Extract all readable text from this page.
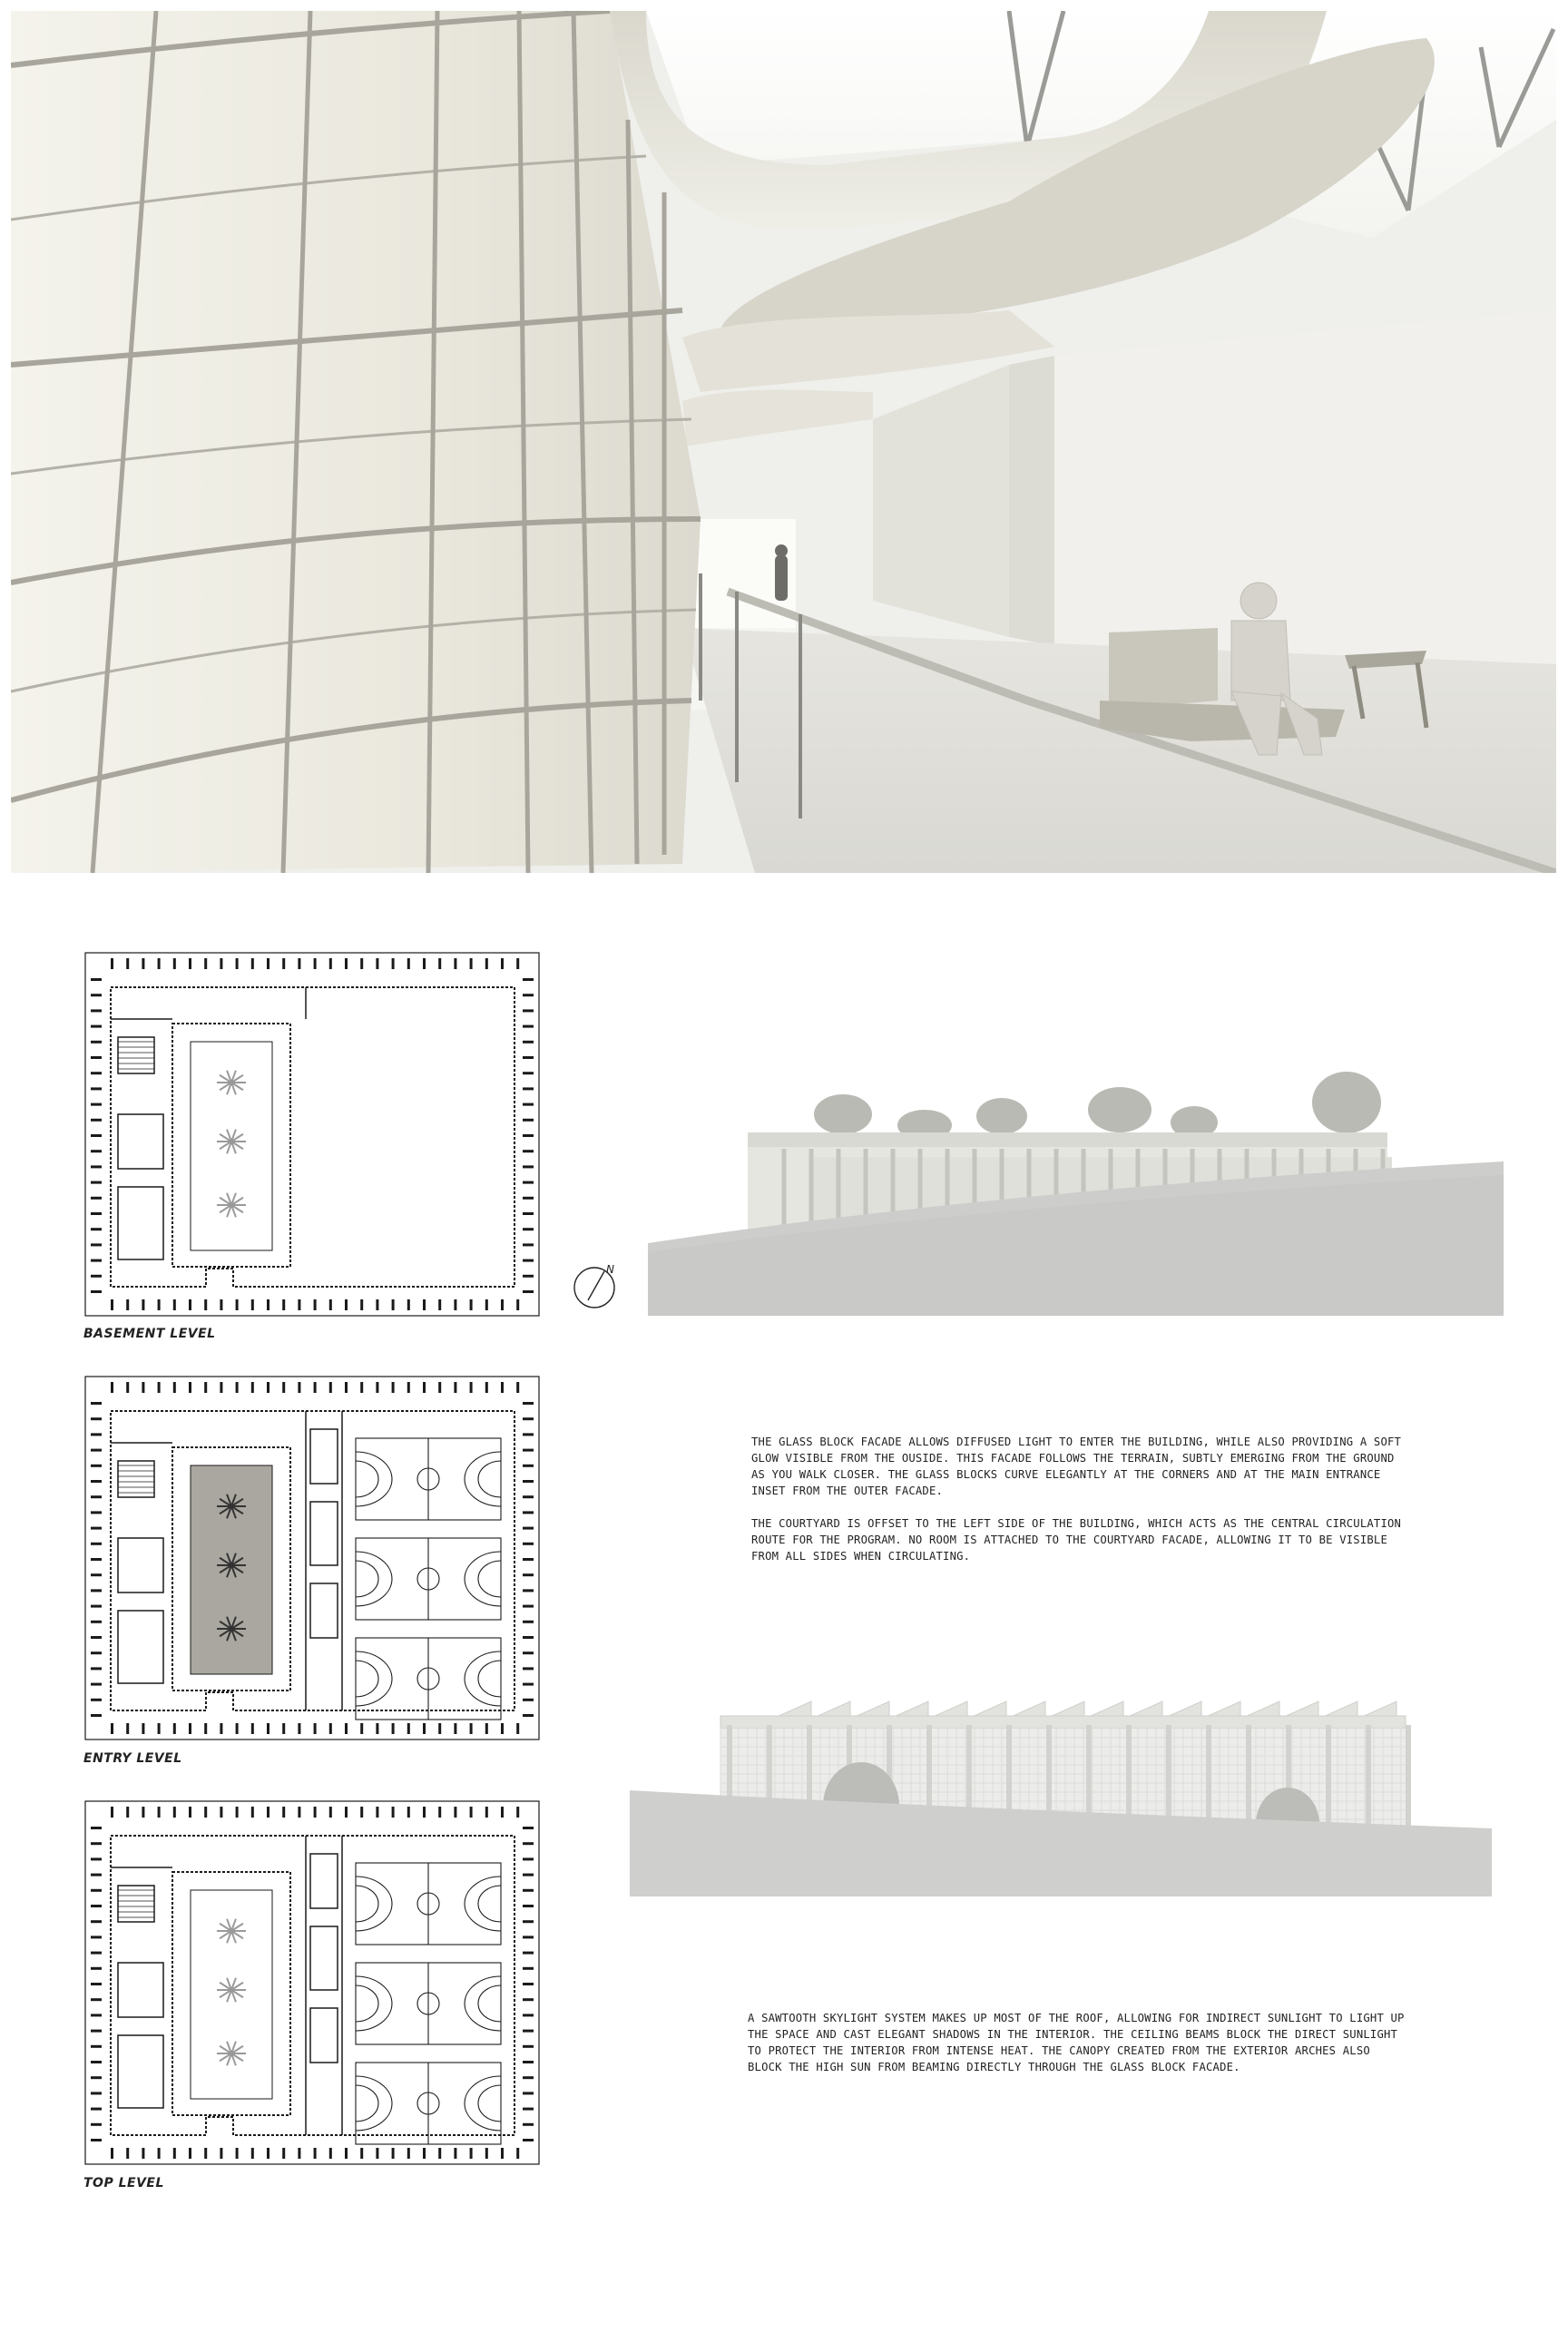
BASEMENT LEVEL
ENTRY LEVEL
TOP LEVEL
N

THE GLASS BLOCK FACADE ALLOWS DIFFUSED LIGHT TO ENTER THE BUILDING, WHILE ALSO PROVIDING A SOFT GLOW VISIBLE FROM THE OUSIDE. THIS FACADE FOLLOWS THE TERRAIN, SUBTLY EMERGING FROM THE GROUND AS YOU WALK CLOSER. THE GLASS BLOCKS CURVE ELEGANTLY AT THE CORNERS AND AT THE MAIN ENTRANCE INSET FROM THE OUTER FACADE.

THE COURTYARD IS OFFSET TO THE LEFT SIDE OF THE BUILDING, WHICH ACTS AS THE CENTRAL CIRCULATION ROUTE FOR THE PROGRAM. NO ROOM IS ATTACHED TO THE COURTYARD FACADE, ALLOWING IT TO BE VISIBLE FROM ALL SIDES WHEN CIRCULATING.

A SAWTOOTH SKYLIGHT SYSTEM MAKES UP MOST OF THE ROOF, ALLOWING FOR INDIRECT SUNLIGHT TO LIGHT UP THE SPACE AND CAST ELEGANT SHADOWS IN THE INTERIOR. THE CEILING BEAMS BLOCK THE DIRECT SUNLIGHT TO PROTECT THE INTERIOR FROM INTENSE HEAT. THE CANOPY CREATED FROM THE EXTERIOR ARCHES ALSO BLOCK THE HIGH SUN FROM BEAMING DIRECTLY THROUGH THE GLASS BLOCK FACADE.
